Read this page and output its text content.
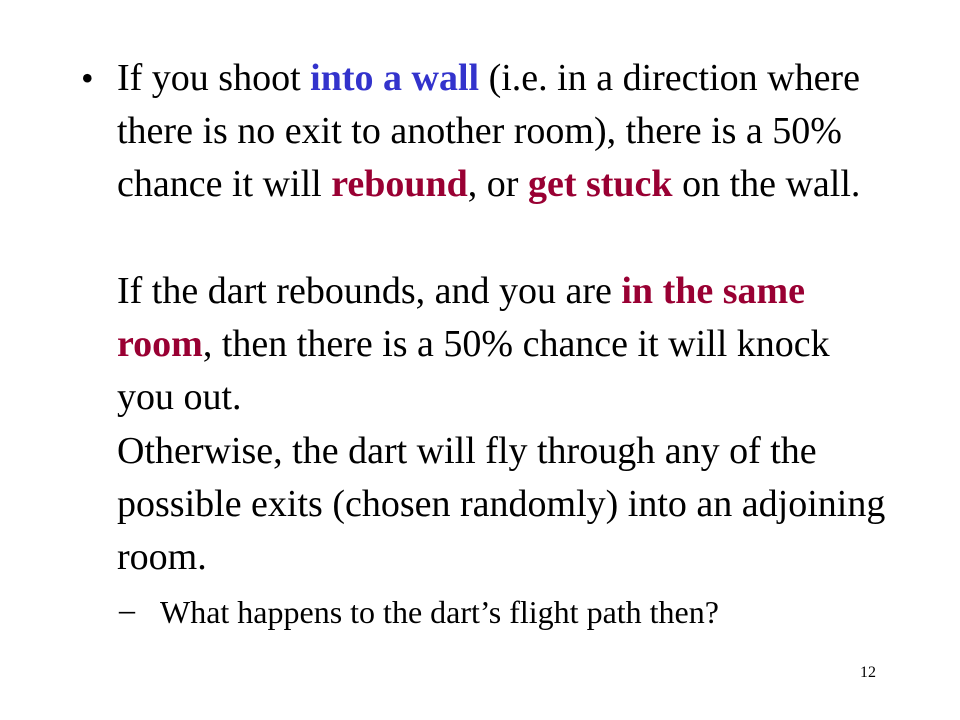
• If you shoot into a wall (i.e. in a direction where there is no exit to another room), there is a 50% chance it will rebound, or get stuck on the wall.
If the dart rebounds, and you are in the same room, then there is a 50% chance it will knock you out.
Otherwise, the dart will fly through any of the possible exits (chosen randomly) into an adjoining room.
– What happens to the dart’s flight path then?
12
